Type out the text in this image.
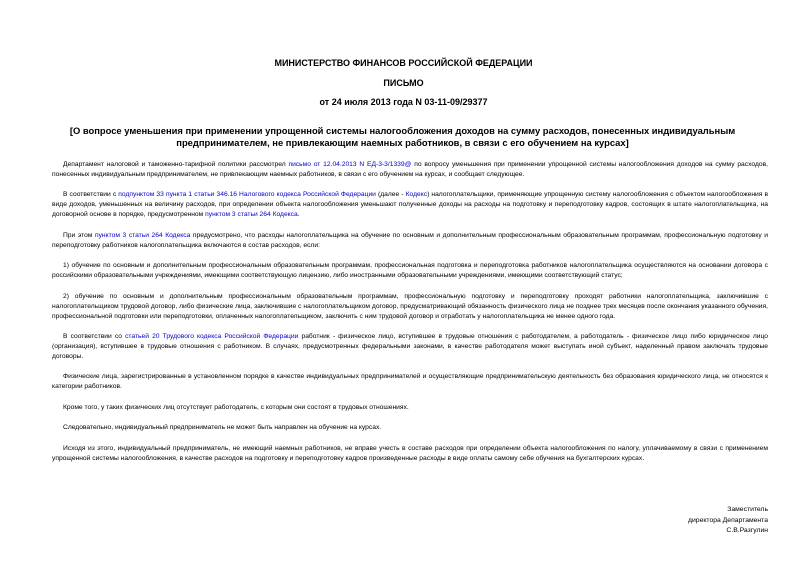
МИНИСТЕРСТВО ФИНАНСОВ РОССИЙСКОЙ ФЕДЕРАЦИИ
ПИСЬМО
от 24 июля 2013 года N 03-11-09/29377
[О вопросе уменьшения при применении упрощенной системы налогообложения доходов на сумму расходов, понесенных индивидуальным предпринимателем, не привлекающим наемных работников, в связи с его обучением на курсах]

Департамент налоговой и таможенно-тарифной политики рассмотрел письмо от 12.04.2013 N ЕД-3-3/1339@ по вопросу уменьшения при применении упрощенной системы налогообложения доходов на сумму расходов, понесенных индивидуальным предпринимателем, не привлекающим наемных работников, в связи с его обучением на курсах, и сообщает следующее.

В соответствии с подпунктом 33 пункта 1 статьи 346.16 Налогового кодекса Российской Федерации (далее - Кодекс) налогоплательщики, применяющие упрощенную систему налогообложения с объектом налогообложения в виде доходов, уменьшенных на величину расходов, при определении объекта налогообложения уменьшают полученные доходы на расходы на подготовку и переподготовку кадров, состоящих в штате налогоплательщика, на договорной основе в порядке, предусмотренном пунктом 3 статьи 264 Кодекса.

При этом пунктом 3 статьи 264 Кодекса предусмотрено, что расходы налогоплательщика на обучение по основным и дополнительным профессиональным образовательным программам, профессиональную подготовку и переподготовку работников налогоплательщика включаются в состав расходов, если:

1) обучение по основным и дополнительным профессиональным образовательным программам, профессиональная подготовка и переподготовка работников налогоплательщика осуществляются на основании договора с российскими образовательными учреждениями, имеющими соответствующую лицензию, либо иностранными образовательными учреждениями, имеющими соответствующий статус;

2) обучение по основным и дополнительным профессиональным образовательным программам, профессиональную подготовку и переподготовку проходят работники налогоплательщика, заключившие с налогоплательщиком трудовой договор, либо физические лица, заключившие с налогоплательщиком договор, предусматривающий обязанность физического лица не позднее трех месяцев после окончания указанного обучения, профессиональной подготовки или переподготовки, оплаченных налогоплательщиком, заключить с ним трудовой договор и отработать у налогоплательщика не менее одного года.

В соответствии со статьей 20 Трудового кодекса Российской Федерации работник - физическое лицо, вступившее в трудовые отношения с работодателем, а работодатель - физическое лицо либо юридическое лицо (организация), вступившее в трудовые отношения с работником. В случаях, предусмотренных федеральными законами, в качестве работодателя может выступать иной субъект, наделенный правом заключать трудовые договоры.

Физические лица, зарегистрированные в установленном порядке в качестве индивидуальных предпринимателей и осуществляющие предпринимательскую деятельность без образования юридического лица, не относятся к категории работников.

Кроме того, у таких физических лиц отсутствует работодатель, с которым они состоят в трудовых отношениях.

Следовательно, индивидуальный предприниматель не может быть направлен на обучение на курсах.

Исходя из этого, индивидуальный предприниматель, не имеющий наемных работников, не вправе учесть в составе расходов при определении объекта налогообложения по налогу, уплачиваемому в связи с применением упрощенной системы налогообложения, в качестве расходов на подготовку и переподготовку кадров произведенные расходы в виде оплаты самому себе обучения на бухгалтерских курсах.

Заместитель
директора Департамента
С.В.Разгулин
